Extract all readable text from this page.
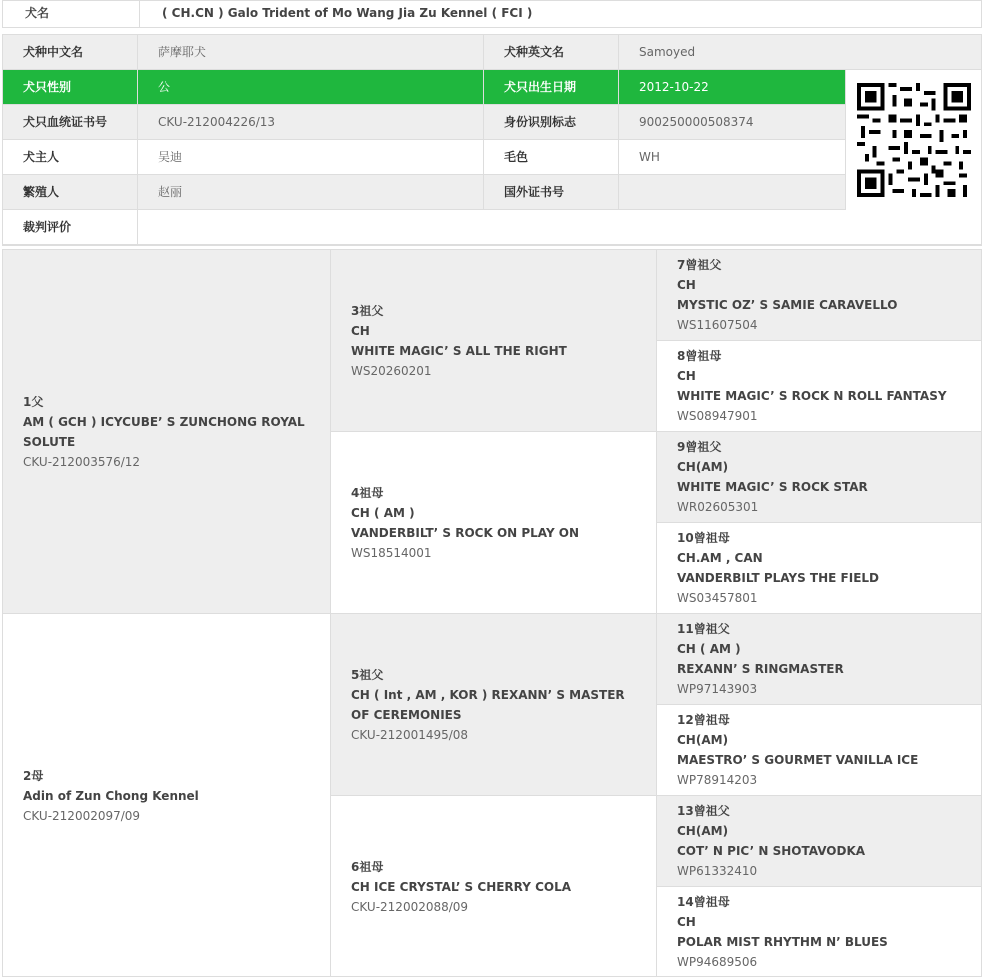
犬名	( CH.CN ) Galo Trident of Mo Wang Jia Zu Kennel ( FCI )
犬种中文名	萨摩耶犬	犬种英文名	Samoyed
犬只性别	公	犬只出生日期	2012-10-22
犬只血统证书号	CKU-212004226/13	身份识别标志	900250000508374
犬主人	吴迪	毛色	WH
繁殖人	赵丽	国外证书号
裁判评价
1父
AM ( GCH ) ICYCUBE’ S ZUNCHONG ROYAL SOLUTE
CKU-212003576/12
2母
Adin of Zun Chong Kennel
CKU-212002097/09
3祖父
CH
WHITE MAGIC’ S ALL THE RIGHT
WS20260201
4祖母
CH ( AM )
VANDERBILT’ S ROCK ON PLAY ON
WS18514001
5祖父
CH ( Int , AM , KOR ) REXANN’ S MASTER OF CEREMONIES
CKU-212001495/08
6祖母
CH ICE CRYSTAL’ S CHERRY COLA
CKU-212002088/09
7曾祖父
CH
MYSTIC OZ’ S SAMIE CARAVELLO
WS11607504
8曾祖母
CH
WHITE MAGIC’ S ROCK N ROLL FANTASY
WS08947901
9曾祖父
CH(AM)
WHITE MAGIC’ S ROCK STAR
WR02605301
10曾祖母
CH.AM , CAN
VANDERBILT PLAYS THE FIELD
WS03457801
11曾祖父
CH ( AM )
REXANN’ S RINGMASTER
WP97143903
12曾祖母
CH(AM)
MAESTRO’ S GOURMET VANILLA ICE
WP78914203
13曾祖父
CH(AM)
COT’ N PIC’ N SHOTAVODKA
WP61332410
14曾祖母
CH
POLAR MIST RHYTHM N’ BLUES
WP94689506
